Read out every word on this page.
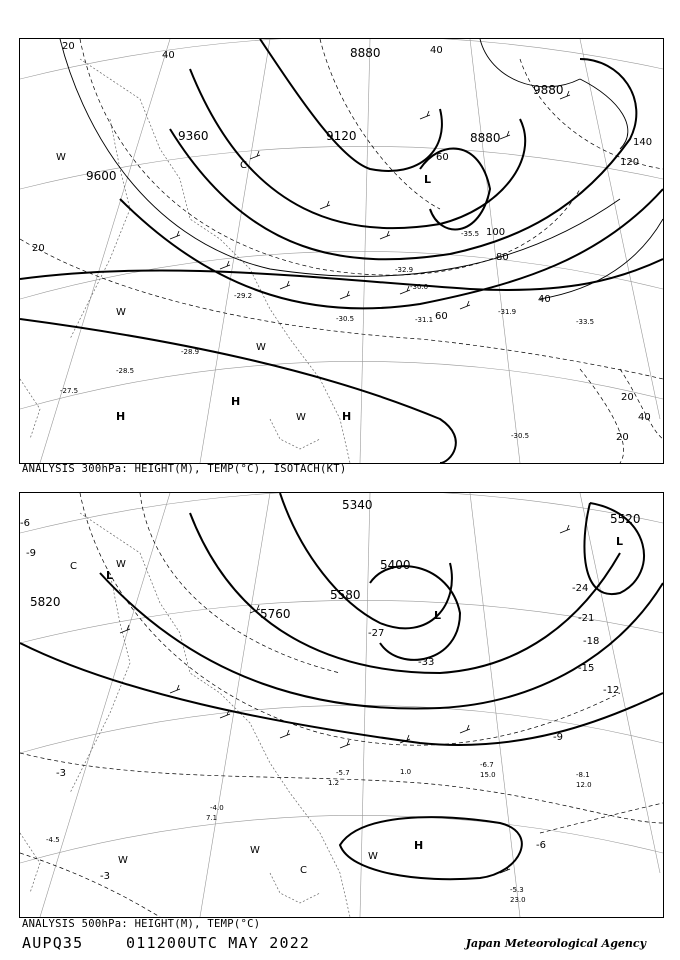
9600
9360	9120
8880
8880
9880
20
40
60
80
100
120
140
20
40
20
40
20
40
60
H
H
H
L
C
W
W
W
W
-33.5
-30.5
-31.9
-31.1
-30.5
-35.5
-29.2
-28.9
-28.5
-27.5
-32.9
-30.0
ANALYSIS 300hPa: HEIGHT(M), TEMP(°C), ISOTACH(KT)
5820	5580
5520
5340
5400
5760
-33
-27
-24
-21
-18
-15
-12
-9
-6
-3
-9
-6
-3
H
L
L
L
C
C
W
W
W
W
-6.7
15.0	-8.1
12.0
-5.3
23.0
-5.7
1.2
-4.0
7.1
-4.5
1.0
ANALYSIS 500hPa: HEIGHT(M), TEMP(°C)
AUPQ35	011200UTC MAY 2022	Japan Meteorological Agency
